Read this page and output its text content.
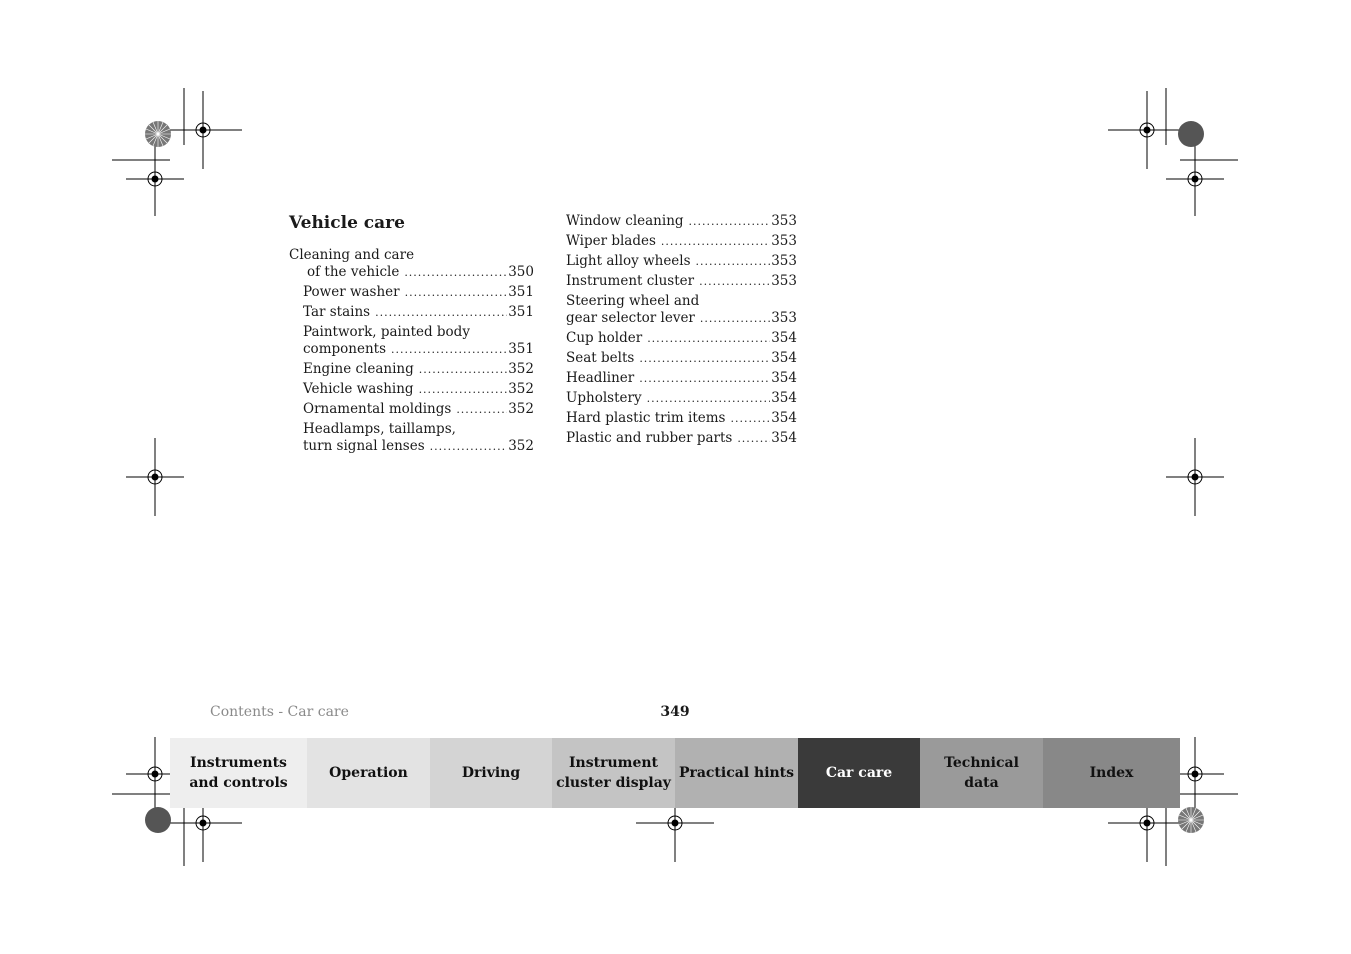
Vehicle care
Cleaning and care
of the vehicle .....	350
Power washer .....	351
Tar stains .....	351
Paintwork, painted body
components .....	351
Engine cleaning .....	352
Vehicle washing .....	352
Ornamental moldings .....	352
Headlamps, taillamps,
turn signal lenses .....	352
Window cleaning .....	353
Wiper blades .....	353
Light alloy wheels .....	353
Instrument cluster .....	353
Steering wheel and
gear selector lever .....	353
Cup holder .....	354
Seat belts .....	354
Headliner .....	354
Upholstery .....	354
Hard plastic trim items .....	354
Plastic and rubber parts .....	354
Contents - Car care	349
Instruments
and controls
Operation	Driving
Instrument
cluster display
Practical hints Car care
Technical
data
Index
